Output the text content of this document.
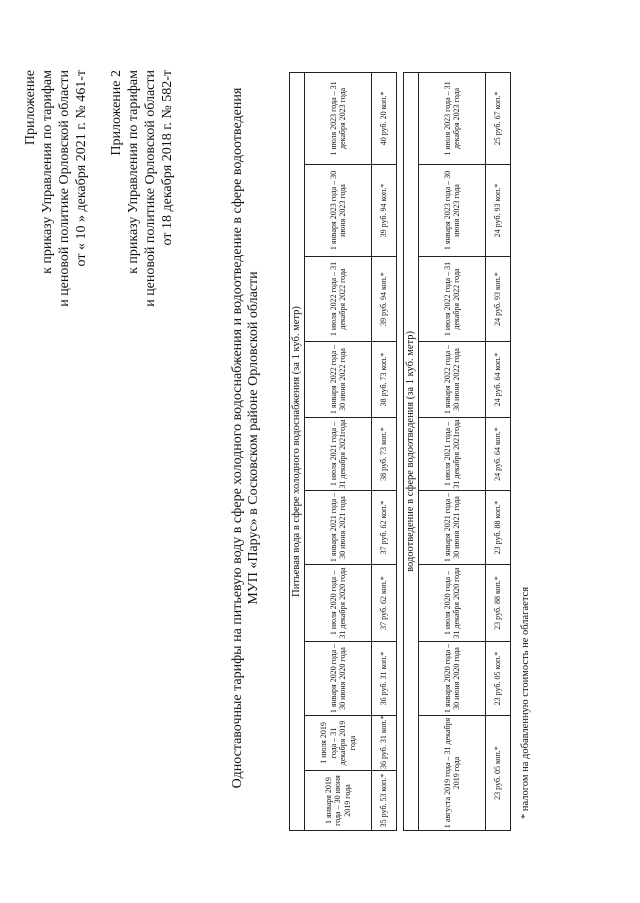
Приложение к приказу Управления по тарифам и ценовой политике Орловской области от « 10 » декабря 2021 г. № 461-т Приложение 2 к приказу Управления по тарифам и ценовой политике Орловской области от 18 декабря 2018 г. № 582-т	Одноставочные тарифы на питьевую воду в сфере холодного водоснабжения и водоотведение в сфере водоотведения МУП «Парус» в Сосковском районе Орловской области	Питьевая вода в сфере холодного водоснабжения (за 1 куб. метр)									
1 января 2019 года – 30 июня 2019 года	1 июля 2019 года – 31 декабря 2019 года	1 января 2020 года – 30 июня 2020 года	1 июля 2020 года – 31 декабря 2020 года	1 января 2021 года – 30 июня 2021 года	1 июля 2021 года – 31 декабря 2021года	1 января 2022 года – 30 июня 2022 года	1 июля 2022 года – 31 декабря 2022 года	1 января 2023 года – 30 июня 2023 года	1 июля 2023 года – 31 декабря 2023 года
35 руб. 53 коп.*	36 руб. 31 коп.*	36 руб. 31 коп.*	37 руб. 62 коп.*	37 руб. 62 коп.*	38 руб. 73 коп.*	38 руб. 73 коп.*	39 руб. 94 коп.*	39 руб. 94 коп.*	40 руб. 20 коп.*

водоотведение в сфере водоотведения (за 1 куб. метр)									
1 августа 2019 года – 31 декабря 2019 года		1 января 2020 года – 30 июня 2020 года	1 июля 2020 года – 31 декабря 2020 года	1 января 2021 года – 30 июня 2021 года	1 июля 2021 года – 31 декабря 2021года	1 января 2022 года – 30 июня 2022 года	1 июля 2022 года – 31 декабря 2022 года	1 января 2023 года – 30 июня 2023 года	1 июля 2023 года – 31 декабря 2023 года
23 руб. 05 коп.*		23 руб. 05 коп.*	23 руб. 88 коп.*	23 руб. 88 коп.*	24 руб. 64 коп.*	24 руб. 64 коп.*	24 руб. 93 коп.*	24 руб. 93 коп.*	25 руб. 67 коп.*
* налогом на добавленную стоимость не облагается
